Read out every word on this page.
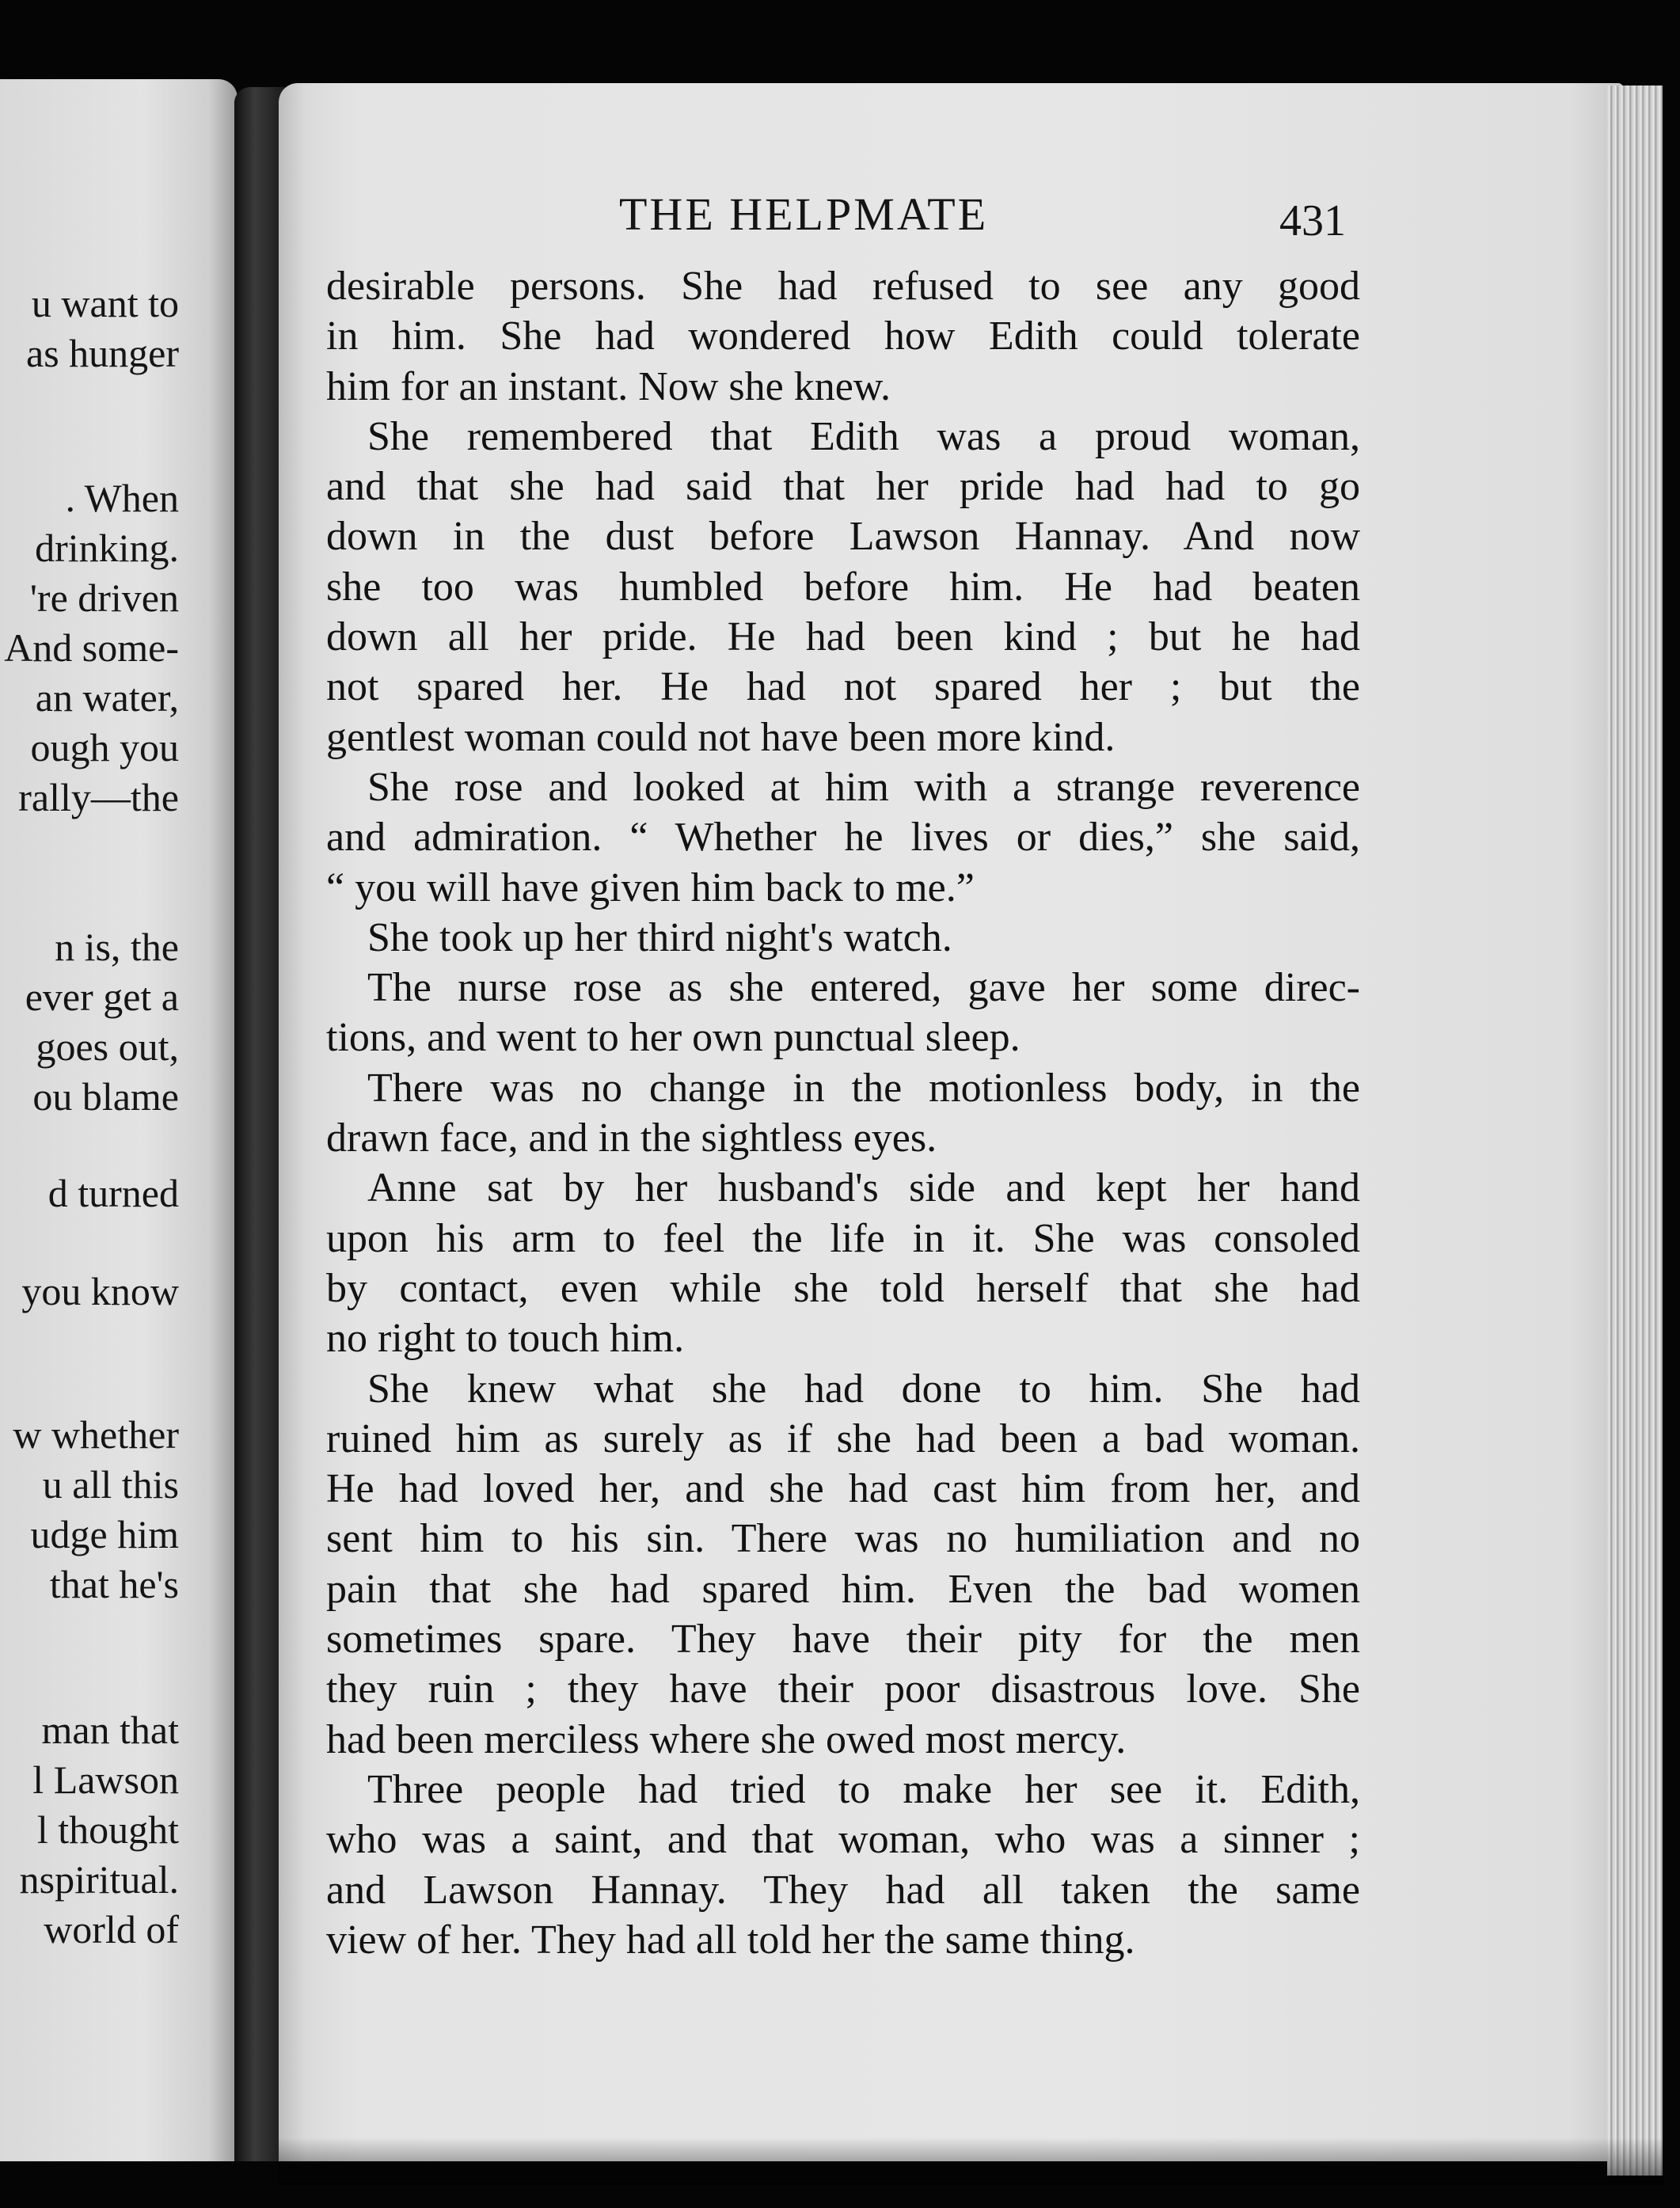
u want to
as hunger
. When
drinking.
're driven
And some-
an water,
ough you
rally—the
n is, the
ever get a
goes out,
ou blame
d turned
you know
w whether
u all this
udge him
that he's
man that
l Lawson
l thought
nspiritual.
world of
THE HELPMATE	431
desirable persons. She had refused to see any good
in him. She had wondered how Edith could tolerate
him for an instant. Now she knew.
She remembered that Edith was a proud woman,
and that she had said that her pride had had to go
down in the dust before Lawson Hannay. And now
she too was humbled before him. He had beaten
down all her pride. He had been kind ; but he had
not spared her. He had not spared her ; but the
gentlest woman could not have been more kind.
She rose and looked at him with a strange reverence
and admiration. “ Whether he lives or dies,” she said,
“ you will have given him back to me.”
She took up her third night's watch.
The nurse rose as she entered, gave her some direc-
tions, and went to her own punctual sleep.
There was no change in the motionless body, in the
drawn face, and in the sightless eyes.
Anne sat by her husband's side and kept her hand
upon his arm to feel the life in it. She was consoled
by contact, even while she told herself that she had
no right to touch him.
She knew what she had done to him. She had
ruined him as surely as if she had been a bad woman.
He had loved her, and she had cast him from her, and
sent him to his sin. There was no humiliation and no
pain that she had spared him. Even the bad women
sometimes spare. They have their pity for the men
they ruin ; they have their poor disastrous love. She
had been merciless where she owed most mercy.
Three people had tried to make her see it. Edith,
who was a saint, and that woman, who was a sinner ;
and Lawson Hannay. They had all taken the same
view of her. They had all told her the same thing.
